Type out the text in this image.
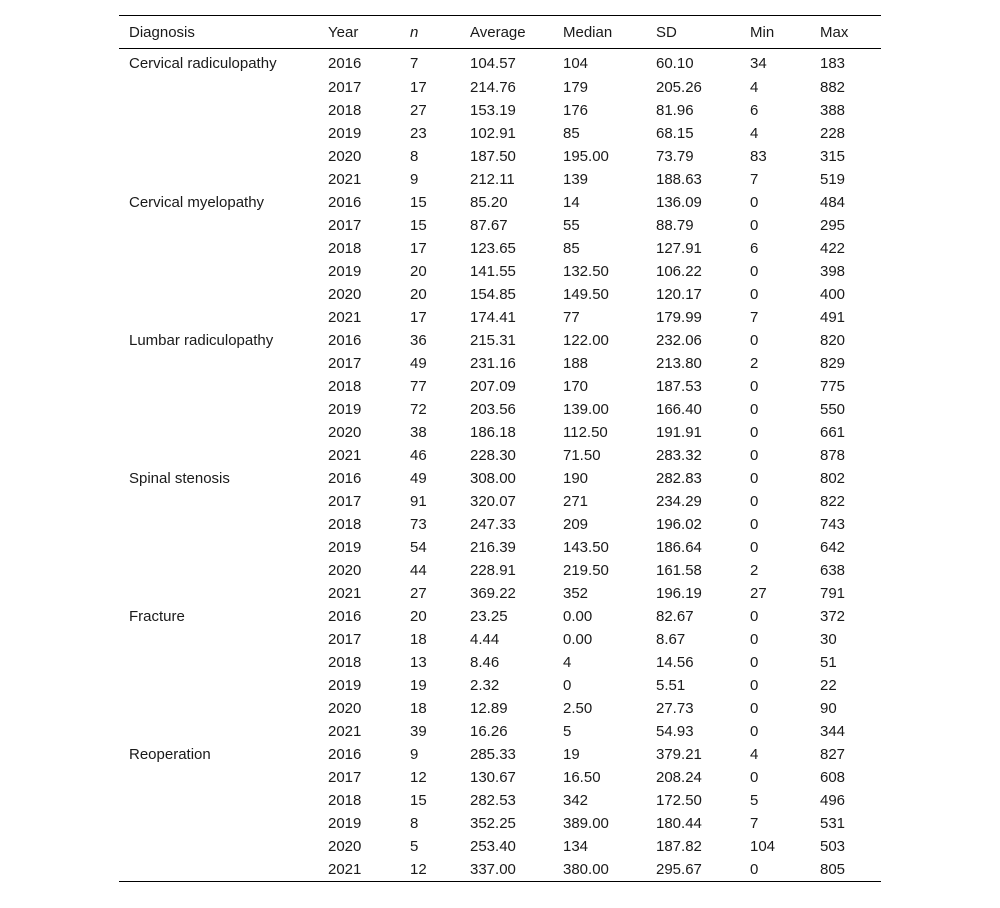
Diagnosis	Year	n	Average	Median	SD	Min	Max
Cervical radiculopathy	2016	7	104.57	104	60.10	34	183
	2017	17	214.76	179	205.26	4	882
	2018	27	153.19	176	81.96	6	388
	2019	23	102.91	85	68.15	4	228
	2020	8	187.50	195.00	73.79	83	315
	2021	9	212.11	139	188.63	7	519
Cervical myelopathy	2016	15	85.20	14	136.09	0	484
	2017	15	87.67	55	88.79	0	295
	2018	17	123.65	85	127.91	6	422
	2019	20	141.55	132.50	106.22	0	398
	2020	20	154.85	149.50	120.17	0	400
	2021	17	174.41	77	179.99	7	491
Lumbar radiculopathy	2016	36	215.31	122.00	232.06	0	820
	2017	49	231.16	188	213.80	2	829
	2018	77	207.09	170	187.53	0	775
	2019	72	203.56	139.00	166.40	0	550
	2020	38	186.18	112.50	191.91	0	661
	2021	46	228.30	71.50	283.32	0	878
Spinal stenosis	2016	49	308.00	190	282.83	0	802
	2017	91	320.07	271	234.29	0	822
	2018	73	247.33	209	196.02	0	743
	2019	54	216.39	143.50	186.64	0	642
	2020	44	228.91	219.50	161.58	2	638
	2021	27	369.22	352	196.19	27	791
Fracture	2016	20	23.25	0.00	82.67	0	372
	2017	18	4.44	0.00	8.67	0	30
	2018	13	8.46	4	14.56	0	51
	2019	19	2.32	0	5.51	0	22
	2020	18	12.89	2.50	27.73	0	90
	2021	39	16.26	5	54.93	0	344
Reoperation	2016	9	285.33	19	379.21	4	827
	2017	12	130.67	16.50	208.24	0	608
	2018	15	282.53	342	172.50	5	496
	2019	8	352.25	389.00	180.44	7	531
	2020	5	253.40	134	187.82	104	503
	2021	12	337.00	380.00	295.67	0	805
